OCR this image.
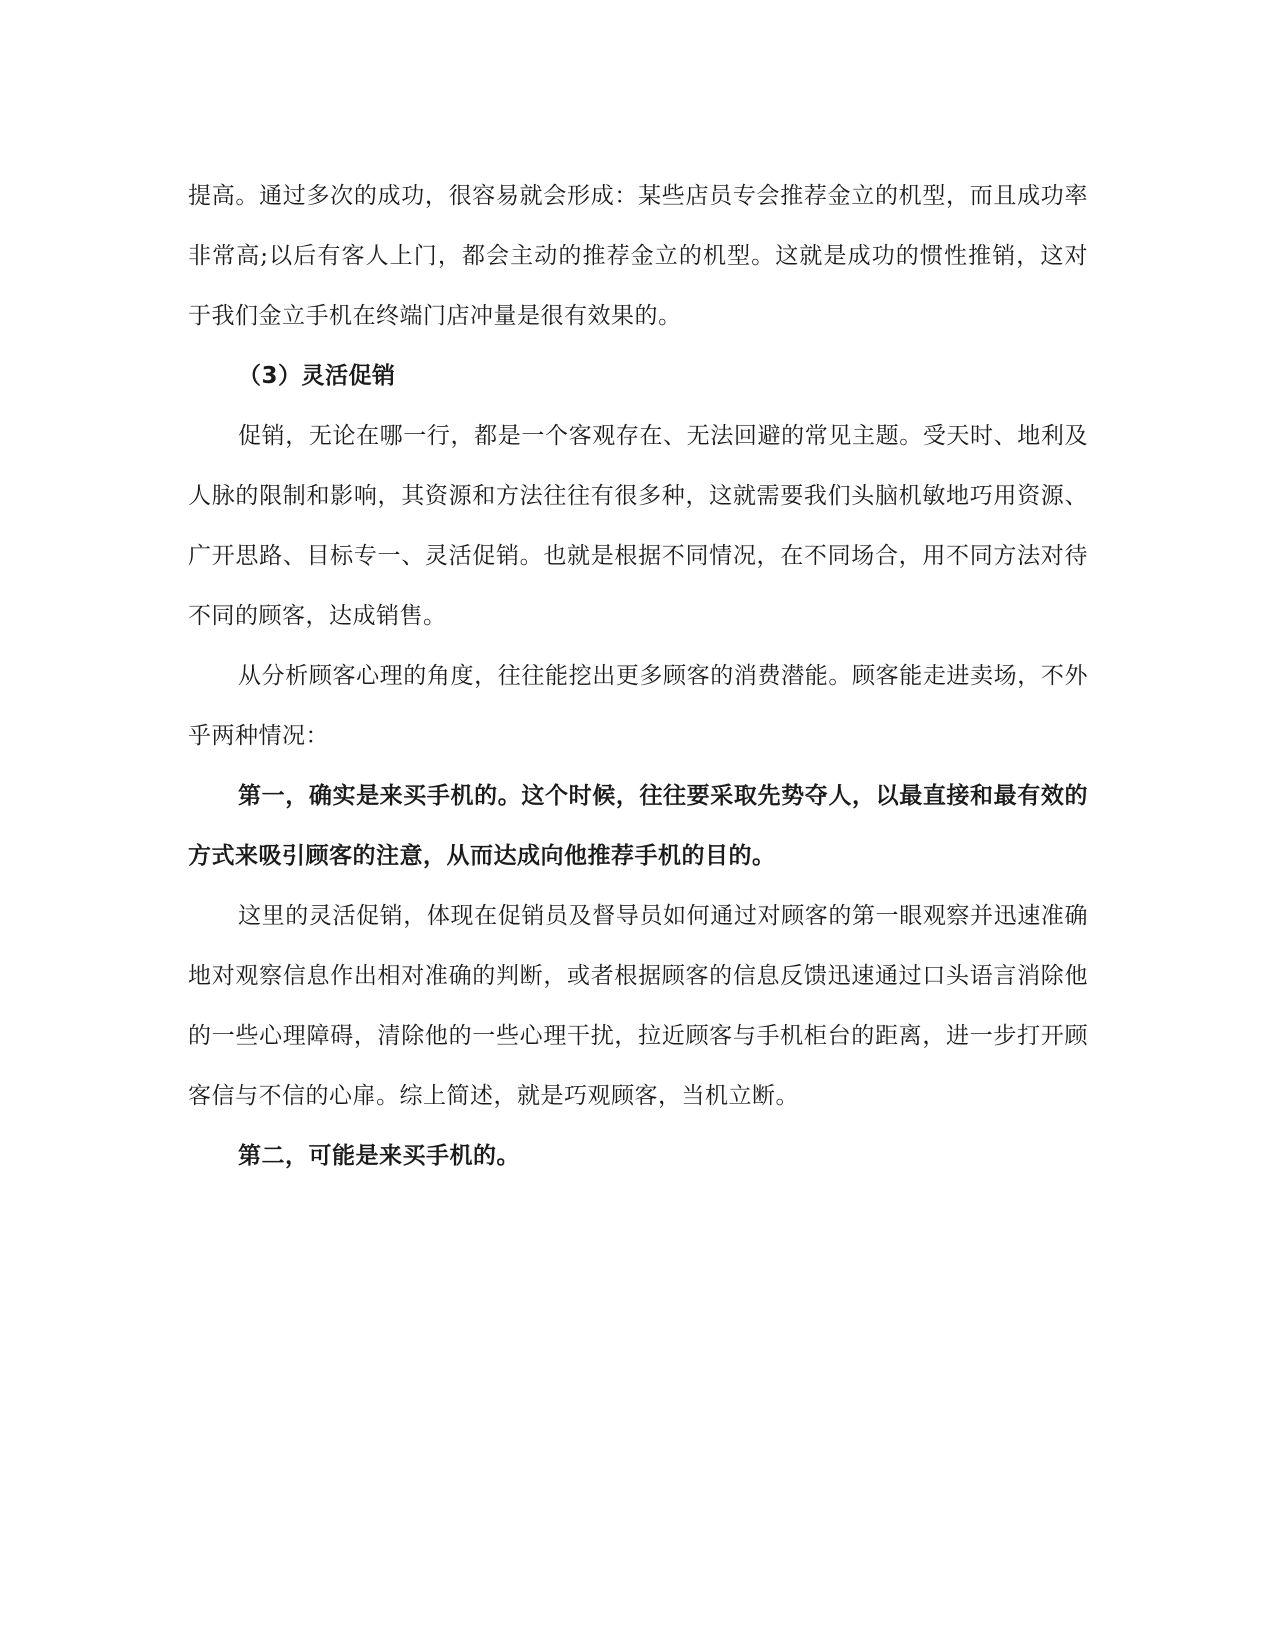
提高。通过多次的成功，很容易就会形成：某些店员专会推荐金立的机型，而且成功率非常高;以后有客人上门，都会主动的推荐金立的机型。这就是成功的惯性推销，这对于我们金立手机在终端门店冲量是很有效果的。

（3）灵活促销

促销，无论在哪一行，都是一个客观存在、无法回避的常见主题。受天时、地利及人脉的限制和影响，其资源和方法往往有很多种，这就需要我们头脑机敏地巧用资源、广开思路、目标专一、灵活促销。也就是根据不同情况，在不同场合，用不同方法对待不同的顾客，达成销售。

从分析顾客心理的角度，往往能挖出更多顾客的消费潜能。顾客能走进卖场，不外乎两种情况：

第一，确实是来买手机的。这个时候，往往要采取先势夺人，以最直接和最有效的方式来吸引顾客的注意，从而达成向他推荐手机的目的。

这里的灵活促销，体现在促销员及督导员如何通过对顾客的第一眼观察并迅速准确地对观察信息作出相对准确的判断，或者根据顾客的信息反馈迅速通过口头语言消除他的一些心理障碍，清除他的一些心理干扰，拉近顾客与手机柜台的距离，进一步打开顾客信与不信的心扉。综上简述，就是巧观顾客，当机立断。

第二，可能是来买手机的。
